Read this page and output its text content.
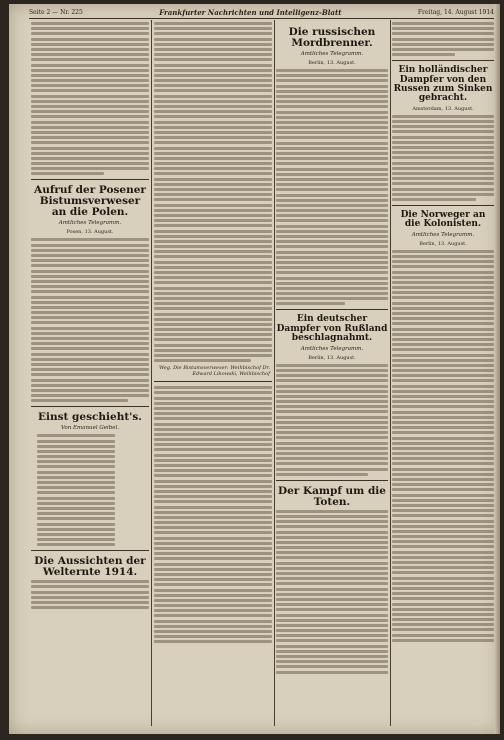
Seite 2 — Nr. 225	Frankfurter Nachrichten und Intelligenz-Blatt	Freitag, 14. August 1914
Aufruf der Posener Bistumsverweser an die Polen.
Amtliches Telegramm.
Posen, 13. August.
Einst geschieht's.
Von Emanuel Geibel.
Die Aussichten der Welternte 1914.
Weg. Die Bistumsverweser: Weihbischof Dr. Edward Likowski, Weihbischof
Die russischen Mordbrenner.
Amtliches Telegramm.
Berlin, 13. August.
Ein deutscher Dampfer von Rußland beschlagnahmt.
Amtliches Telegramm.
Berlin, 13. August.
Der Kampf um die Toten.
Ein holländischer Dampfer von den Russen zum Sinken gebracht.
Amsterdam, 13. August.
Die Norweger an die Kolonisten.
Amtliches Telegramm.
Berlin, 13. August.
